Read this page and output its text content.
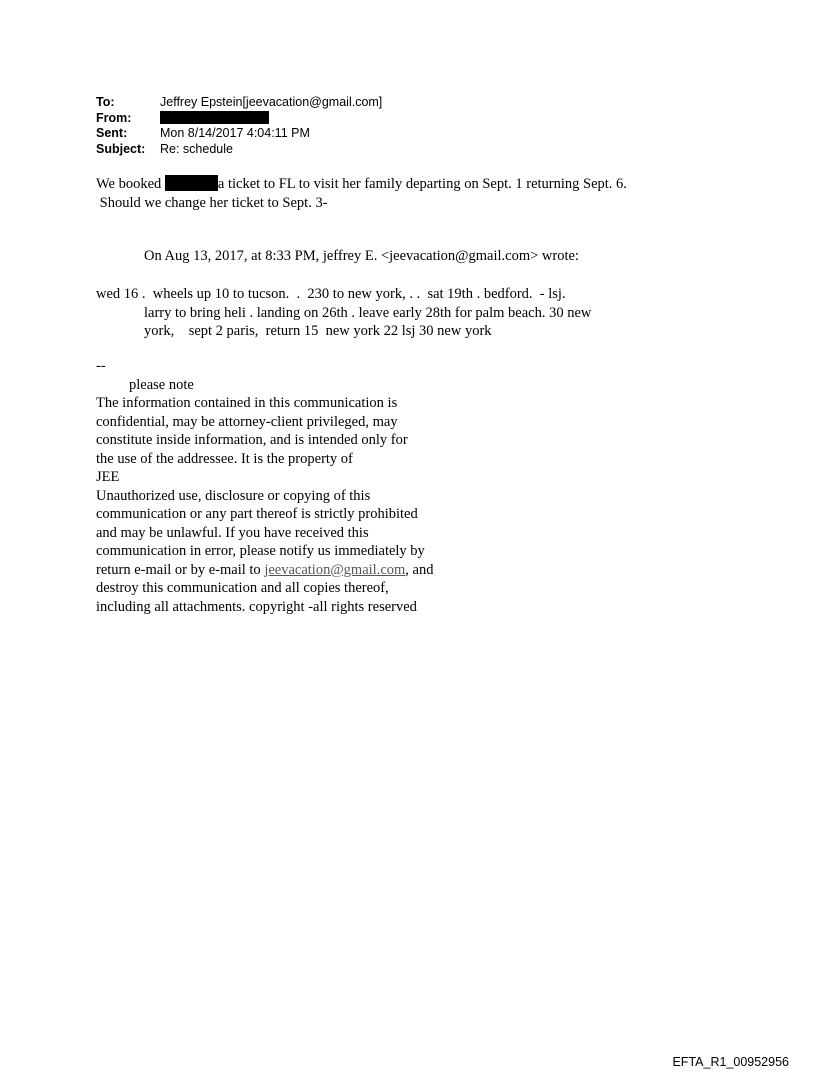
To:	Jeffrey Epstein[jeevacation@gmail.com]
From:
Sent:	Mon 8/14/2017 4:04:11 PM
Subject:	Re: schedule
We booked	a ticket to FL to visit her family departing on Sept. 1 returning Sept. 6.
Should we change her ticket to Sept. 3-
On Aug 13, 2017, at 8:33 PM, jeffrey E. <jeevacation@gmail.com> wrote:
wed 16 .  wheels up 10 to tucson.  .  230 to new york, . .  sat 19th . bedford.  - lsj.
larry to bring heli . landing on 26th . leave early 28th for palm beach. 30 new
york,    sept 2 paris,  return 15  new york 22 lsj 30 new york
--
please note
The information contained in this communication is
confidential, may be attorney-client privileged, may
constitute inside information, and is intended only for
the use of the addressee. It is the property of
JEE
Unauthorized use, disclosure or copying of this
communication or any part thereof is strictly prohibited
and may be unlawful. If you have received this
communication in error, please notify us immediately by
return e-mail or by e-mail to jeevacation@gmail.com, and
destroy this communication and all copies thereof,
including all attachments. copyright -all rights reserved
EFTA_R1_00952956
